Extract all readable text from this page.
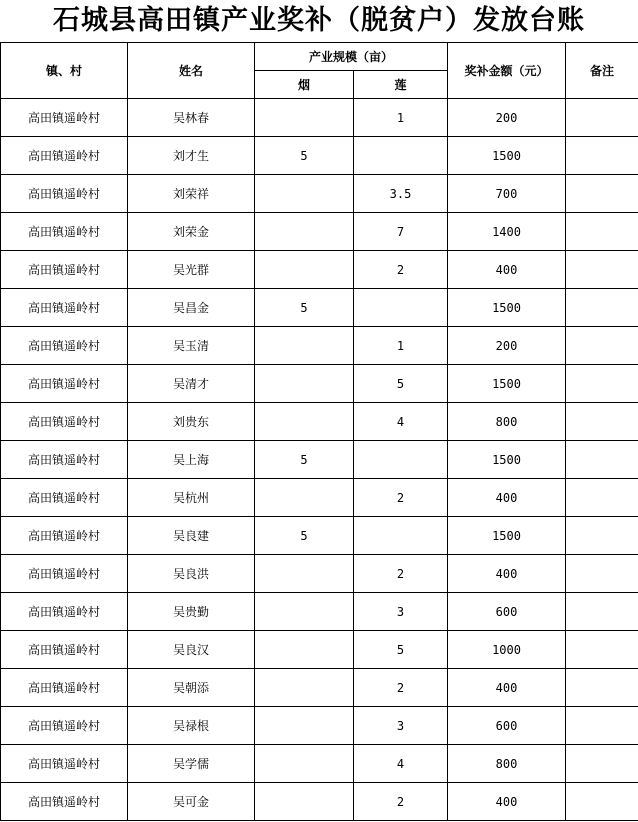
石城县高田镇产业奖补（脱贫户）发放台账
镇、村	姓名	产业规模（亩）		奖补金额（元）	备注
		烟	莲		
高田镇遥岭村	吴林春		1	200	
高田镇遥岭村	刘才生	5		1500	
高田镇遥岭村	刘荣祥		3.5	700	
高田镇遥岭村	刘荣金		7	1400	
高田镇遥岭村	吴光群		2	400	
高田镇遥岭村	吴昌金	5		1500	
高田镇遥岭村	吴玉清		1	200	
高田镇遥岭村	吴清才		5	1500	
高田镇遥岭村	刘贵东		4	800	
高田镇遥岭村	吴上海	5		1500	
高田镇遥岭村	吴杭州		2	400	
高田镇遥岭村	吴良建	5		1500	
高田镇遥岭村	吴良洪		2	400	
高田镇遥岭村	吴贵勤		3	600	
高田镇遥岭村	吴良汉		5	1000	
高田镇遥岭村	吴朝添		2	400	
高田镇遥岭村	吴禄根		3	600	
高田镇遥岭村	吴学儒		4	800	
高田镇遥岭村	吴可金		2	400	
